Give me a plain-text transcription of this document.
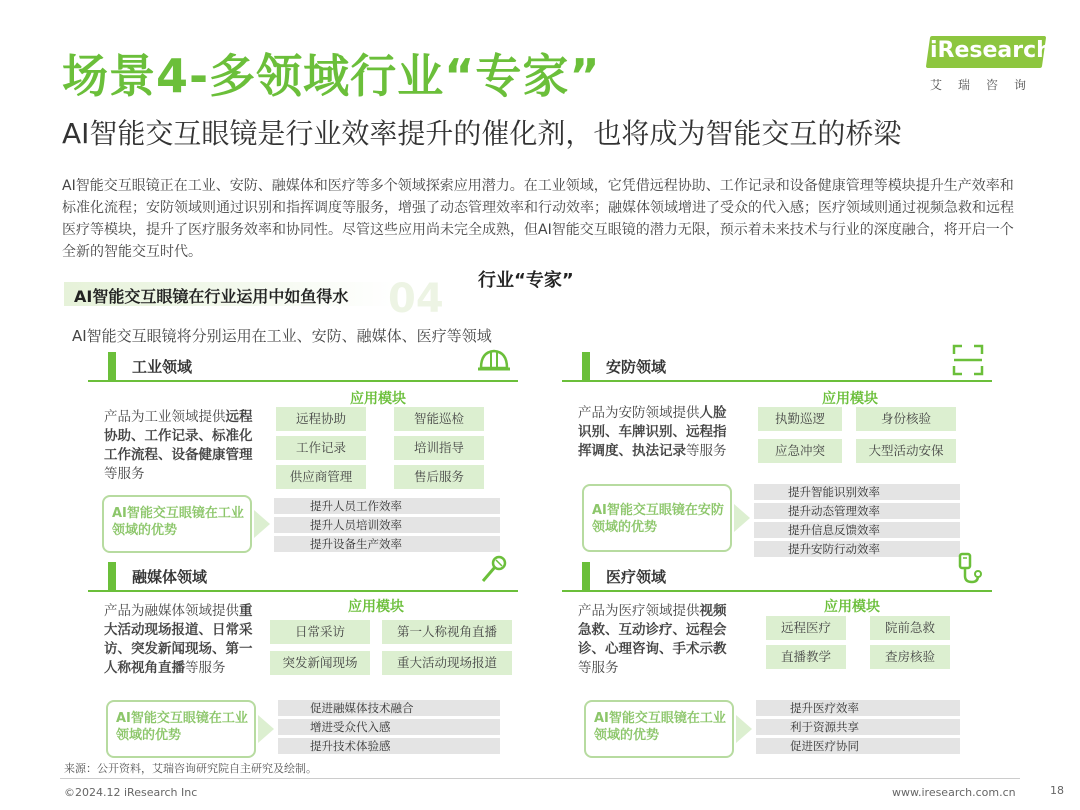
场景4-多领域行业“专家”	iResearch
艾瑞咨询
AI智能交互眼镜是行业效率提升的催化剂，也将成为智能交互的桥梁
AI智能交互眼镜正在工业、安防、融媒体和医疗等多个领域探索应用潜力。在工业领域，它凭借远程协助、工作记录和设备健康管理等模块提升生产效率和标准化流程；安防领域则通过识别和指挥调度等服务，增强了动态管理效率和行动效率；融媒体领域增进了受众的代入感；医疗领域则通过视频急救和远程医疗等模块，提升了医疗服务效率和协同性。尽管这些应用尚未完全成熟，但AI智能交互眼镜的潜力无限，预示着未来技术与行业的深度融合，将开启一个全新的智能交互时代。
行业“专家”
04
AI智能交互眼镜在行业运用中如鱼得水
AI智能交互眼镜将分别运用在工业、安防、融媒体、医疗等领域
工业领域
应用模块
产品为工业领域提供远程协助、工作记录、标准化工作流程、设备健康管理等服务
远程协助	智能巡检
工作记录	培训指导
供应商管理	售后服务
AI智能交互眼镜在工业领域的优势
提升人员工作效率
提升人员培训效率
提升设备生产效率
安防领域
应用模块
产品为安防领域提供人脸识别、车牌识别、远程指挥调度、执法记录等服务
执勤巡逻	身份核验
应急冲突	大型活动安保
AI智能交互眼镜在安防领域的优势
提升智能识别效率
提升动态管理效率
提升信息反馈效率
提升安防行动效率
融媒体领域
应用模块
产品为融媒体领域提供重大活动现场报道、日常采访、突发新闻现场、第一人称视角直播等服务
日常采访	第一人称视角直播
突发新闻现场	重大活动现场报道
AI智能交互眼镜在工业领域的优势
促进融媒体技术融合
增进受众代入感
提升技术体验感
医疗领域
应用模块
产品为医疗领域提供视频急救、互动诊疗、远程会诊、心理咨询、手术示教等服务
远程医疗	院前急救
直播教学	查房核验
AI智能交互眼镜在工业领域的优势
提升医疗效率
利于资源共享
促进医疗协同
来源：公开资料，艾瑞咨询研究院自主研究及绘制。
©2024.12 iResearch Inc	www.iresearch.com.cn	18
